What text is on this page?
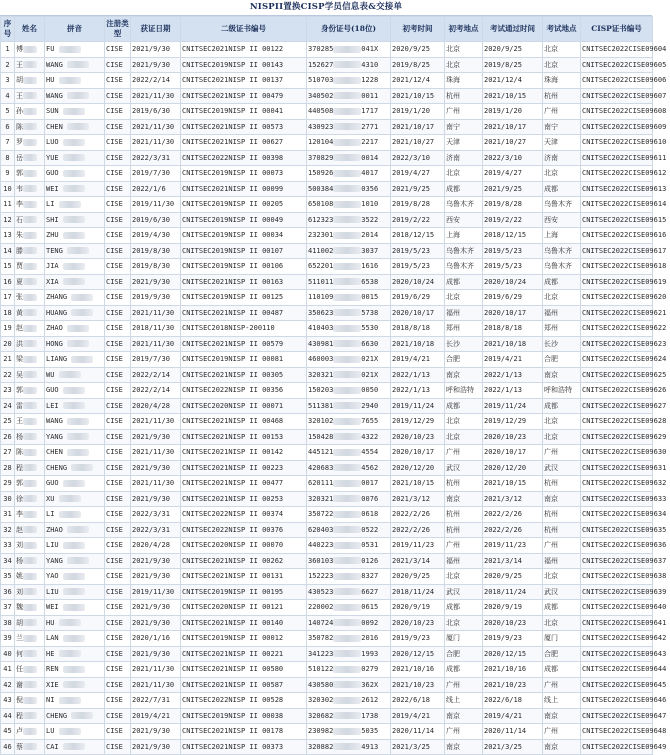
NISPII置换CISP学员信息表&交接单
序号	姓名	拼音	注册类型	获证日期	二级证书编号	身份证号(18位)	初考时间	初考地点	考试通过时间	考试地点	CISP证书编号
1	傅	FU	CISE	2021/9/30	CNITSEC2021NISP II 00122	370285 041X	2020/9/25	北京	2020/9/25	北京	CNITSEC2022CISE09604
2	王	WANG	CISE	2021/9/30	CNITSEC2019NISP II 00143	152627 4310	2019/8/25	北京	2019/8/25	北京	CNITSEC2022CISE09605
3	胡	HU	CISE	2022/2/14	CNITSEC2021NISP II 00137	510703 1228	2021/12/4	珠海	2021/12/4	珠海	CNITSEC2022CISE09606
4	王	WANG	CISE	2021/11/30	CNITSEC2021NISP II 00479	340502 0011	2021/10/15	杭州	2021/10/15	杭州	CNITSEC2022CISE09607
5	孙	SUN	CISE	2019/6/30	CNITSEC2019NISP II 00041	440508 1717	2019/1/20	广州	2019/1/20	广州	CNITSEC2022CISE09608
6	陈	CHEN	CISE	2021/11/30	CNITSEC2021NISP II 00573	430923 2771	2021/10/17	南宁	2021/10/17	南宁	CNITSEC2022CISE09609
7	罗	LUO	CISE	2021/11/30	CNITSEC2021NISP II 00627	120104 2217	2021/10/27	天津	2021/10/27	天津	CNITSEC2022CISE09610
8	岳	YUE	CISE	2022/3/31	CNITSEC2022NISP II 00398	370829 0014	2022/3/10	济南	2022/3/10	济南	CNITSEC2022CISE09611
9	郭	GUO	CISE	2019/7/30	CNITSEC2019NISP II 00073	150926 4017	2019/4/27	北京	2019/4/27	北京	CNITSEC2022CISE09612
10	韦	WEI	CISE	2022/1/6	CNITSEC2021NISP II 00099	500384 0356	2021/9/25	成都	2021/9/25	成都	CNITSEC2022CISE09613
11	李	LI	CISE	2019/11/30	CNITSEC2019NISP II 00205	650108 1010	2019/8/28	乌鲁木齐	2019/8/28	乌鲁木齐	CNITSEC2022CISE09614
12	石	SHI	CISE	2019/6/30	CNITSEC2019NISP II 00049	612323 3522	2019/2/22	西安	2019/2/22	西安	CNITSEC2022CISE09615
13	朱	ZHU	CISE	2019/4/30	CNITSEC2019NISP II 00034	232301 2014	2018/12/15	上海	2018/12/15	上海	CNITSEC2022CISE09616
14	滕	TENG	CISE	2019/8/30	CNITSEC2019NISP II 00107	411002 3037	2019/5/23	乌鲁木齐	2019/5/23	乌鲁木齐	CNITSEC2022CISE09617
15	贾	JIA	CISE	2019/8/30	CNITSEC2019NISP II 00106	652201 1616	2019/5/23	乌鲁木齐	2019/5/23	乌鲁木齐	CNITSEC2022CISE09618
16	夏	XIA	CISE	2021/9/30	CNITSEC2021NISP II 00163	511011 6538	2020/10/24	成都	2020/10/24	成都	CNITSEC2022CISE09619
17	张	ZHANG	CISE	2019/9/30	CNITSEC2019NISP II 00125	110109 0015	2019/6/29	北京	2019/6/29	北京	CNITSEC2022CISE09620
18	黄	HUANG	CISE	2021/11/30	CNITSEC2021NISP II 00487	350623 5738	2020/10/17	福州	2020/10/17	福州	CNITSEC2022CISE09621
19	赵	ZHAO	CISE	2018/11/30	CNITSEC2018NISP-200110	410403 5530	2018/8/18	郑州	2018/8/18	郑州	CNITSEC2022CISE09622
20	洪	HONG	CISE	2021/11/30	CNITSEC2021NISP II 00579	430981 6630	2021/10/18	长沙	2021/10/18	长沙	CNITSEC2022CISE09623
21	梁	LIANG	CISE	2019/7/30	CNITSEC2019NISP II 00081	460003 021X	2019/4/21	合肥	2019/4/21	合肥	CNITSEC2022CISE09624
22	吴	WU	CISE	2022/2/14	CNITSEC2021NISP II 00305	320321 021X	2022/1/13	南京	2022/1/13	南京	CNITSEC2022CISE09625
23	郭	GUO	CISE	2022/2/14	CNITSEC2022NISP II 00356	150203 0050	2022/1/13	呼和浩特	2022/1/13	呼和浩特	CNITSEC2022CISE09626
24	雷	LEI	CISE	2020/4/28	CNITSEC2020NISP II 00071	511381 2940	2019/11/24	成都	2019/11/24	成都	CNITSEC2022CISE09627
25	王	WANG	CISE	2021/11/30	CNITSEC2021NISP II 00468	320102 7655	2019/12/29	北京	2019/12/29	北京	CNITSEC2022CISE09628
26	杨	YANG	CISE	2021/9/30	CNITSEC2021NISP II 00153	150428 4322	2020/10/23	北京	2020/10/23	北京	CNITSEC2022CISE09629
27	陈	CHEN	CISE	2021/11/30	CNITSEC2021NISP II 00142	445121 4554	2020/10/17	广州	2020/10/17	广州	CNITSEC2022CISE09630
28	程	CHENG	CISE	2021/9/30	CNITSEC2021NISP II 00223	420683 4562	2020/12/20	武汉	2020/12/20	武汉	CNITSEC2022CISE09631
29	郭	GUO	CISE	2021/11/30	CNITSEC2021NISP II 00477	620111 0017	2021/10/15	杭州	2021/10/15	杭州	CNITSEC2022CISE09632
30	徐	XU	CISE	2021/9/30	CNITSEC2021NISP II 00253	320321 0076	2021/3/12	南京	2021/3/12	南京	CNITSEC2022CISE09633
31	李	LI	CISE	2022/3/31	CNITSEC2022NISP II 00374	350722 0618	2022/2/26	杭州	2022/2/26	杭州	CNITSEC2022CISE09634
32	赵	ZHAO	CISE	2022/3/31	CNITSEC2022NISP II 00376	620403 0522	2022/2/26	杭州	2022/2/26	杭州	CNITSEC2022CISE09635
33	刘	LIU	CISE	2020/4/28	CNITSEC2020NISP II 00070	440223 0531	2019/11/23	广州	2019/11/23	广州	CNITSEC2022CISE09636
34	杨	YANG	CISE	2021/9/30	CNITSEC2021NISP II 00262	360103 0126	2021/3/14	福州	2021/3/14	福州	CNITSEC2022CISE09637
35	姚	YAO	CISE	2021/9/30	CNITSEC2021NISP II 00131	152223 8327	2020/9/25	北京	2020/9/25	北京	CNITSEC2022CISE09638
36	刘	LIU	CISE	2019/11/30	CNITSEC2019NISP II 00195	430523 6627	2018/11/24	武汉	2018/11/24	武汉	CNITSEC2022CISE09639
37	魏	WEI	CISE	2021/9/30	CNITSEC2020NISP II 00121	220002 0615	2020/9/19	成都	2020/9/19	成都	CNITSEC2022CISE09640
38	胡	HU	CISE	2021/9/30	CNITSEC2021NISP II 00140	140724 0092	2020/10/23	北京	2020/10/23	北京	CNITSEC2022CISE09641
39	兰	LAN	CISE	2020/1/16	CNITSEC2019NISP II 00012	350782 2016	2019/9/23	厦门	2019/9/23	厦门	CNITSEC2022CISE09642
40	何	HE	CISE	2021/9/30	CNITSEC2021NISP II 00221	341223 1993	2020/12/15	合肥	2020/12/15	合肥	CNITSEC2022CISE09643
41	任	REN	CISE	2021/11/30	CNITSEC2021NISP II 00580	510122 0279	2021/10/16	成都	2021/10/16	成都	CNITSEC2022CISE09644
42	谢	XIE	CISE	2021/11/30	CNITSEC2021NISP II 00587	430580 362X	2021/10/23	广州	2021/10/23	广州	CNITSEC2022CISE09645
43	倪	NI	CISE	2022/7/31	CNITSEC2022NISP II 00528	320302 2612	2022/6/18	线上	2022/6/18	线上	CNITSEC2022CISE09646
44	程	CHENG	CISE	2019/4/21	CNITSEC2019NISP II 00038	320682 1738	2019/4/21	南京	2019/4/21	南京	CNITSEC2022CISE09647
45	卢	LU	CISE	2021/9/30	CNITSEC2021NISP II 00178	230982 5035	2020/11/14	广州	2020/11/14	广州	CNITSEC2022CISE09648
46	蔡	CAI	CISE	2021/9/30	CNITSEC2021NISP II 00373	320882 4913	2021/3/25	南京	2021/3/25	南京	CNITSEC2022CISE09649
